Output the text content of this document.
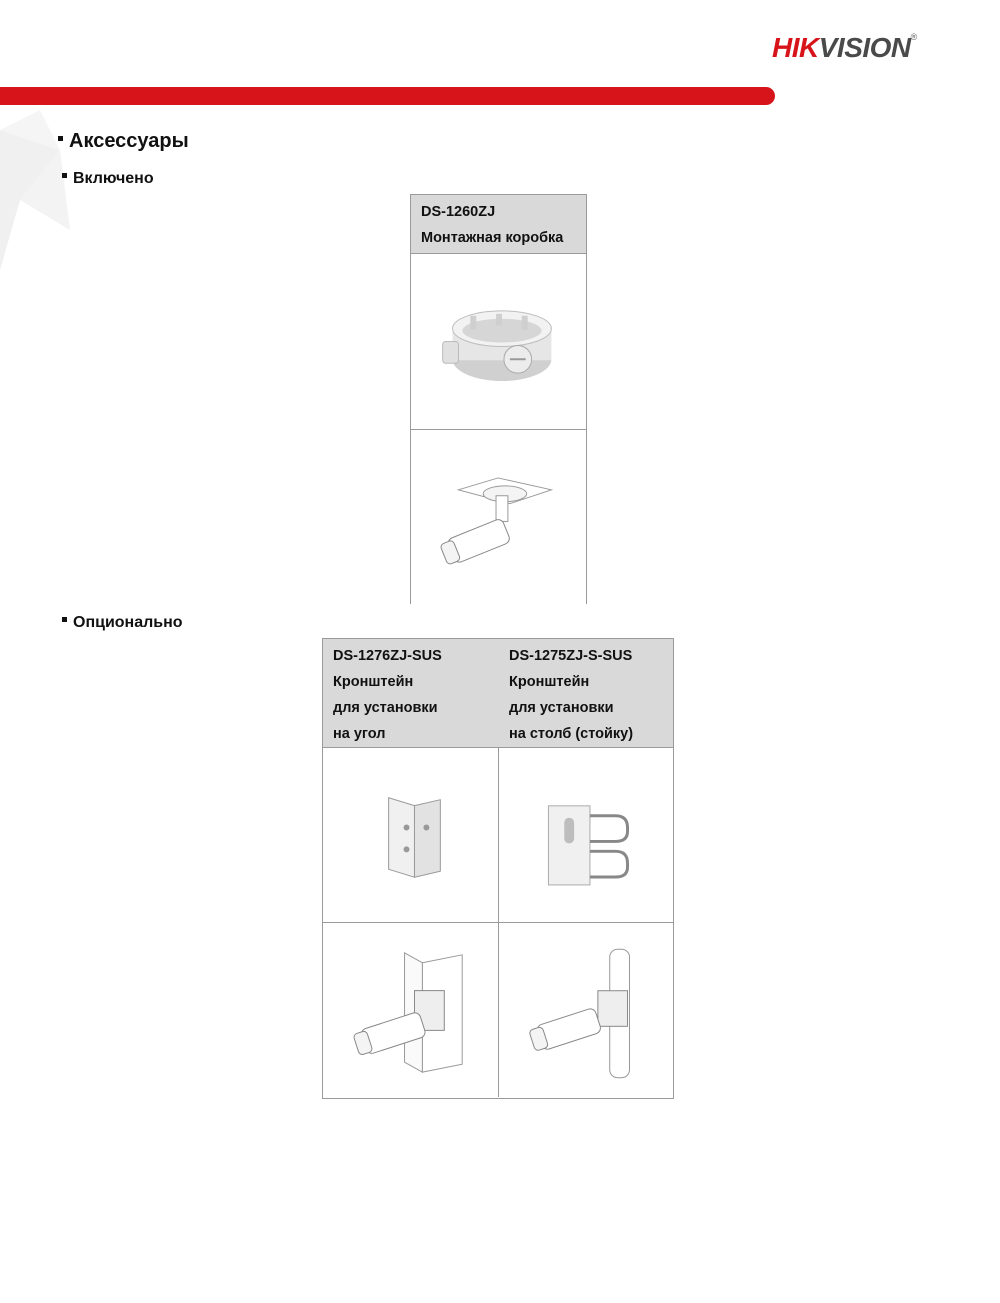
HIKVISION®
Аксессуары
Включено
DS-1260ZJ
Монтажная коробка
Опционально
DS-1276ZJ-SUS
Кронштейн
для установки
на угол
DS-1275ZJ-S-SUS
Кронштейн
для установки
на столб (стойку)
